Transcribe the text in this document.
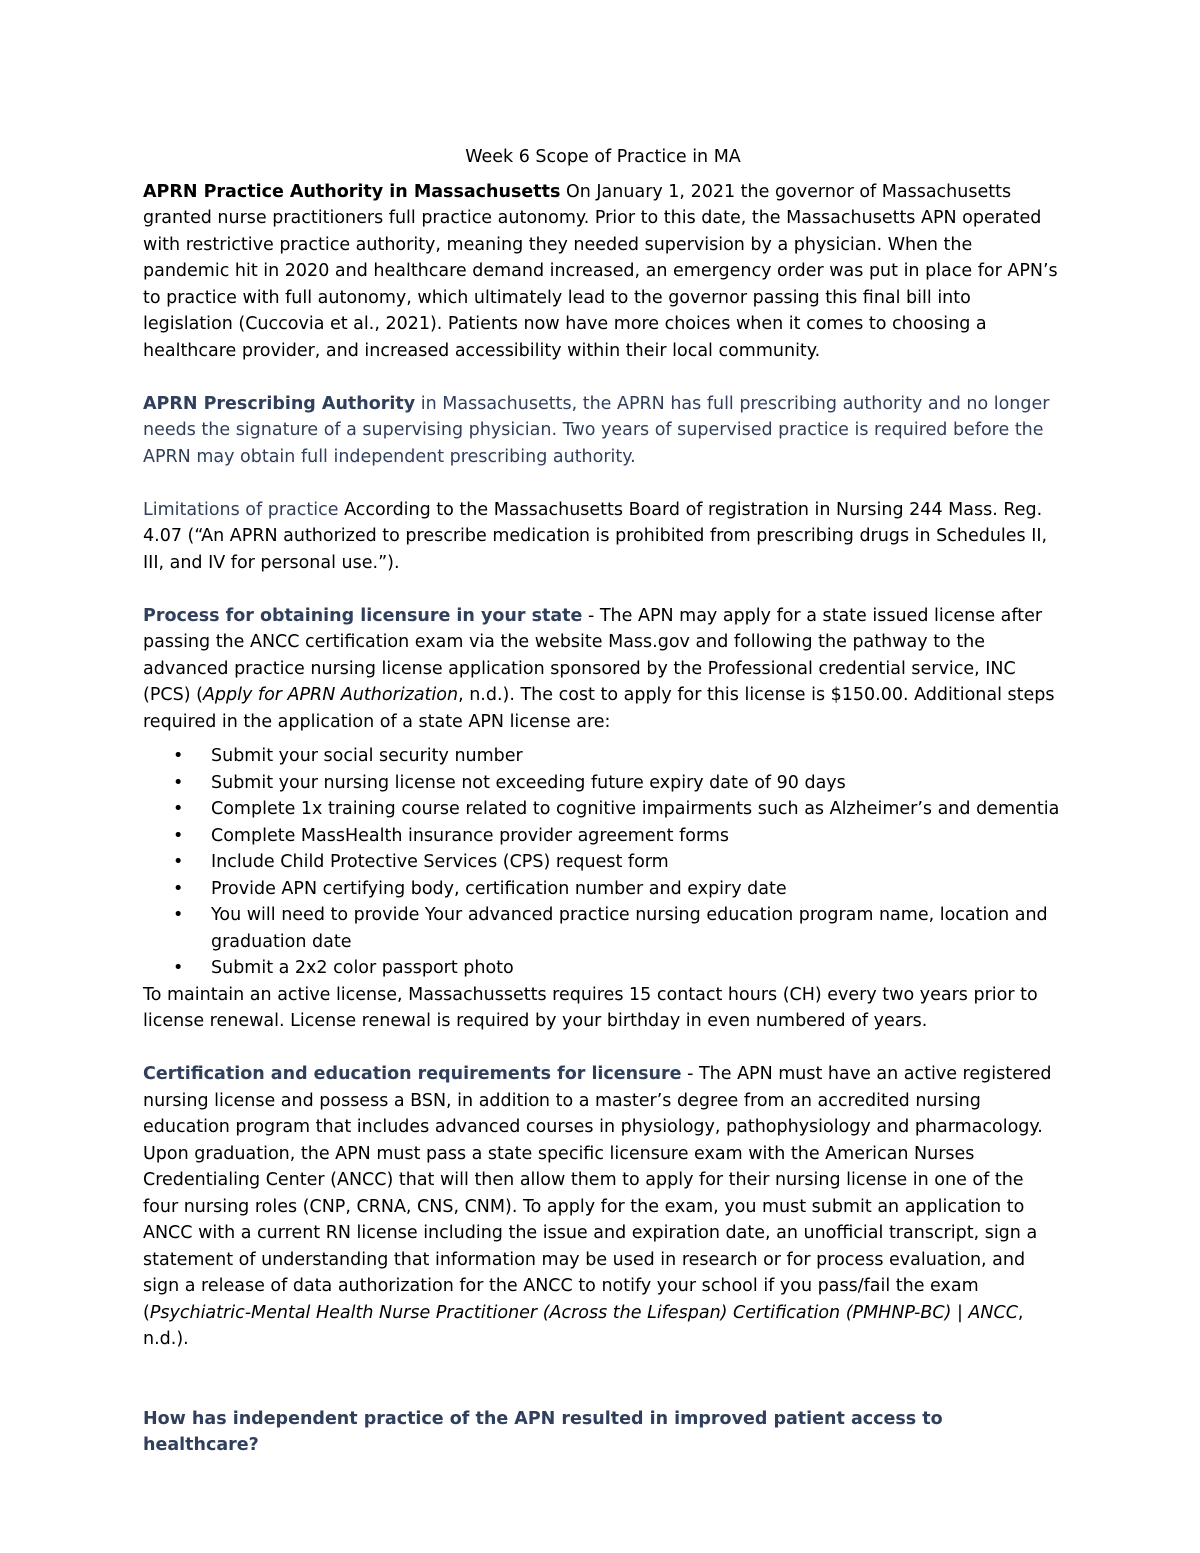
Week 6 Scope of Practice in MA

APRN Practice Authority in Massachusetts On January 1, 2021 the governor of Massachusetts granted nurse practitioners full practice autonomy. Prior to this date, the Massachusetts APN operated with restrictive practice authority, meaning they needed supervision by a physician. When the pandemic hit in 2020 and healthcare demand increased, an emergency order was put in place for APN’s to practice with full autonomy, which ultimately lead to the governor passing this final bill into legislation (Cuccovia et al., 2021). Patients now have more choices when it comes to choosing a healthcare provider, and increased accessibility within their local community.

APRN Prescribing Authority in Massachusetts, the APRN has full prescribing authority and no longer needs the signature of a supervising physician. Two years of supervised practice is required before the APRN may obtain full independent prescribing authority.

Limitations of practice According to the Massachusetts Board of registration in Nursing 244 Mass. Reg. 4.07 (“An APRN authorized to prescribe medication is prohibited from prescribing drugs in Schedules II, III, and IV for personal use.”).

Process for obtaining licensure in your state - The APN may apply for a state issued license after passing the ANCC certification exam via the website Mass.gov and following the pathway to the advanced practice nursing license application sponsored by the Professional credential service, INC (PCS) (Apply for APRN Authorization, n.d.). The cost to apply for this license is $150.00. Additional steps required in the application of a state APN license are:

• Submit your social security number
• Submit your nursing license not exceeding future expiry date of 90 days
• Complete 1x training course related to cognitive impairments such as Alzheimer’s and dementia
• Complete MassHealth insurance provider agreement forms
• Include Child Protective Services (CPS) request form
• Provide APN certifying body, certification number and expiry date
• You will need to provide Your advanced practice nursing education program name, location and graduation date
• Submit a 2x2 color passport photo

To maintain an active license, Massachussetts requires 15 contact hours (CH) every two years prior to license renewal. License renewal is required by your birthday in even numbered of years.

Certification and education requirements for licensure - The APN must have an active registered nursing license and possess a BSN, in addition to a master’s degree from an accredited nursing education program that includes advanced courses in physiology, pathophysiology and pharmacology. Upon graduation, the APN must pass a state specific licensure exam with the American Nurses Credentialing Center (ANCC) that will then allow them to apply for their nursing license in one of the four nursing roles (CNP, CRNA, CNS, CNM). To apply for the exam, you must submit an application to ANCC with a current RN license including the issue and expiration date, an unofficial transcript, sign a statement of understanding that information may be used in research or for process evaluation, and sign a release of data authorization for the ANCC to notify your school if you pass/fail the exam (Psychiatric-Mental Health Nurse Practitioner (Across the Lifespan) Certification (PMHNP-BC) | ANCC, n.d.).

How has independent practice of the APN resulted in improved patient access to healthcare?
